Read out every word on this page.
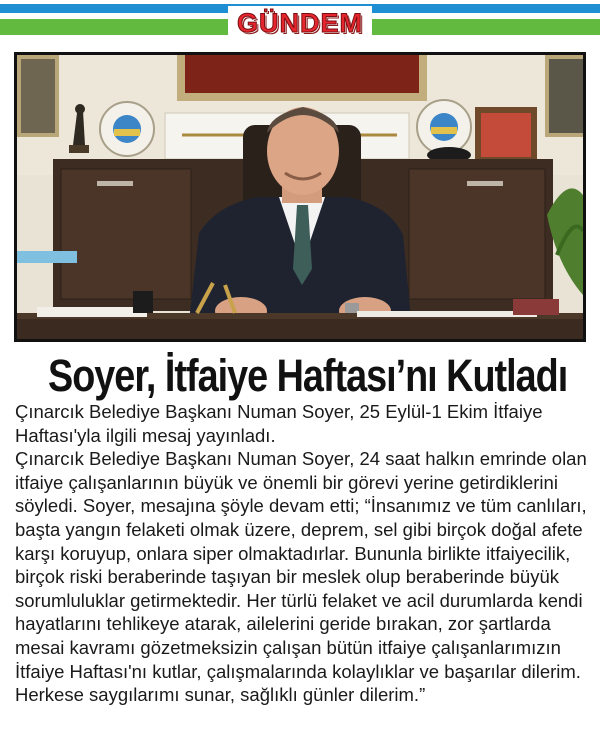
GÜNDEM
Soyer, İtfaiye Haftası’nı Kutladı

Çınarcık Belediye Başkanı Numan Soyer, 25 Eylül-1 Ekim İtfaiye Haftası'yla ilgili mesaj yayınladı.

Çınarcık Belediye Başkanı Numan Soyer, 24 saat halkın emrinde olan itfaiye çalışanlarının büyük ve önemli bir görevi yerine getirdiklerini söyledi. Soyer, mesajına şöyle devam etti; “İnsanımız ve tüm canlıları, başta yangın felaketi olmak üzere, deprem, sel gibi birçok doğal afete karşı koruyup, onlara siper olmaktadırlar. Bununla birlikte itfaiyecilik, birçok riski beraberinde taşıyan bir meslek olup beraberinde büyük sorumluluklar getirmektedir. Her türlü felaket ve acil durumlarda kendi hayatlarını tehlikeye atarak, ailelerini geride bırakan, zor şartlarda mesai kavramı gözetmeksizin çalışan bütün itfaiye çalışanlarımızın İtfaiye Haftası'nı kutlar, çalışmalarında kolaylıklar ve başarılar dilerim. Herkese saygılarımı sunar, sağlıklı günler dilerim.”
